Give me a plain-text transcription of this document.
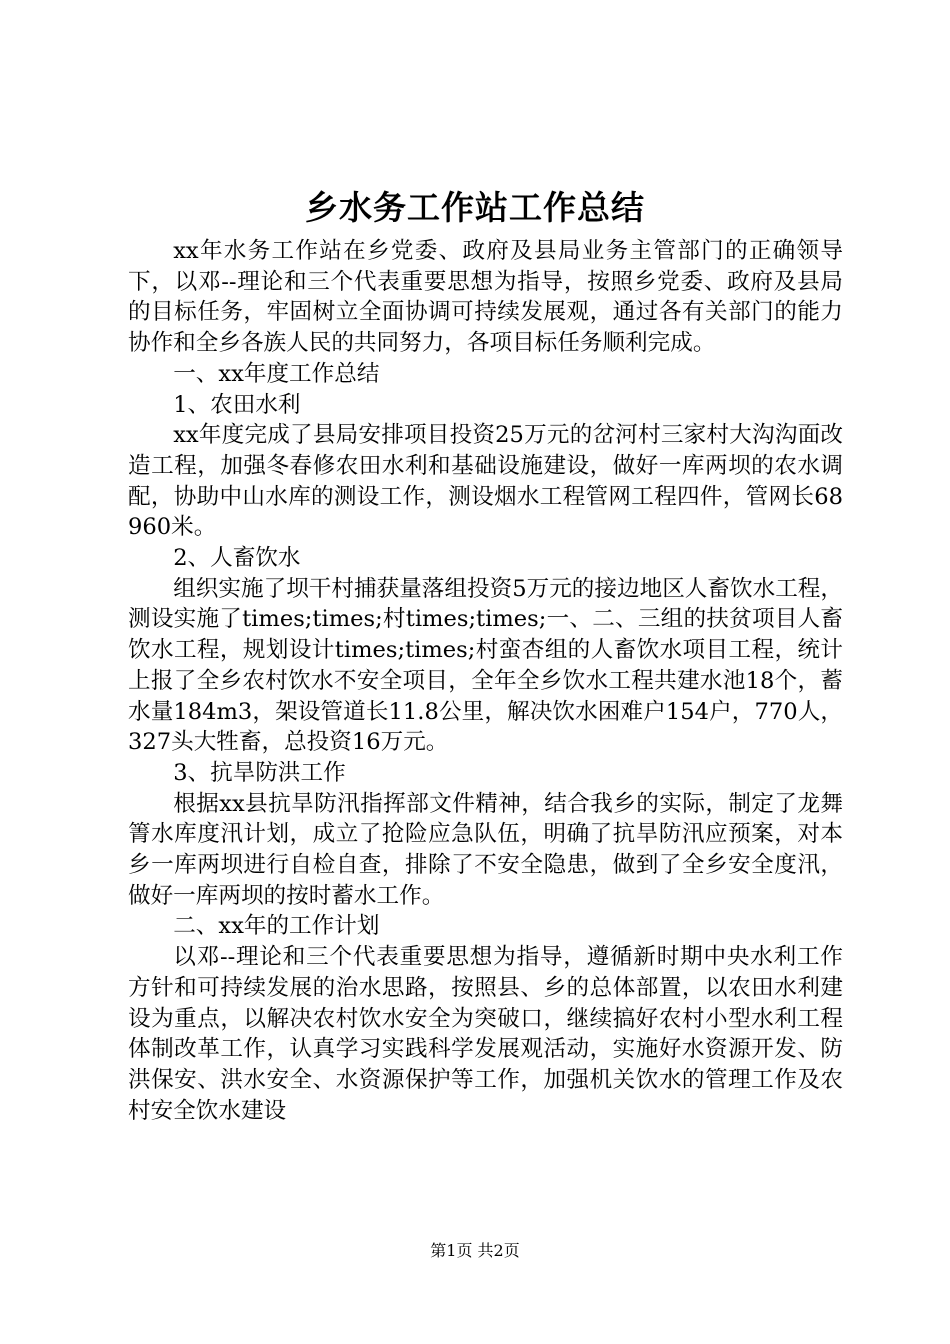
乡水务工作站工作总结

xx年水务工作站在乡党委、政府及县局业务主管部门的正确领导下，以邓--理论和三个代表重要思想为指导，按照乡党委、政府及县局的目标任务，牢固树立全面协调可持续发展观，通过各有关部门的能力协作和全乡各族人民的共同努力，各项目标任务顺利完成。

一、xx年度工作总结

1、农田水利

xx年度完成了县局安排项目投资25万元的岔河村三家村大沟沟面改造工程，加强冬春修农田水利和基础设施建设，做好一库两坝的农水调配，协助中山水库的测设工作，测设烟水工程管网工程四件，管网长68960米。

2、人畜饮水

组织实施了坝干村捕获量落组投资5万元的接边地区人畜饮水工程，测设实施了times;times;村times;times;一、二、三组的扶贫项目人畜饮水工程，规划设计times;times;村蛮杏组的人畜饮水项目工程，统计上报了全乡农村饮水不安全项目，全年全乡饮水工程共建水池18个，蓄水量184m3，架设管道长11.8公里，解决饮水困难户154户，770人，327头大牲畜，总投资16万元。

3、抗旱防洪工作

根据xx县抗旱防汛指挥部文件精神，结合我乡的实际，制定了龙舞箐水库度汛计划，成立了抢险应急队伍，明确了抗旱防汛应预案，对本乡一库两坝进行自检自查，排除了不安全隐患，做到了全乡安全度汛，做好一库两坝的按时蓄水工作。

二、xx年的工作计划

以邓--理论和三个代表重要思想为指导，遵循新时期中央水利工作方针和可持续发展的治水思路，按照县、乡的总体部置，以农田水利建设为重点，以解决农村饮水安全为突破口，继续搞好农村小型水利工程体制改革工作，认真学习实践科学发展观活动，实施好水资源开发、防洪保安、洪水安全、水资源保护等工作，加强机关饮水的管理工作及农村安全饮水建设

第1页 共2页
